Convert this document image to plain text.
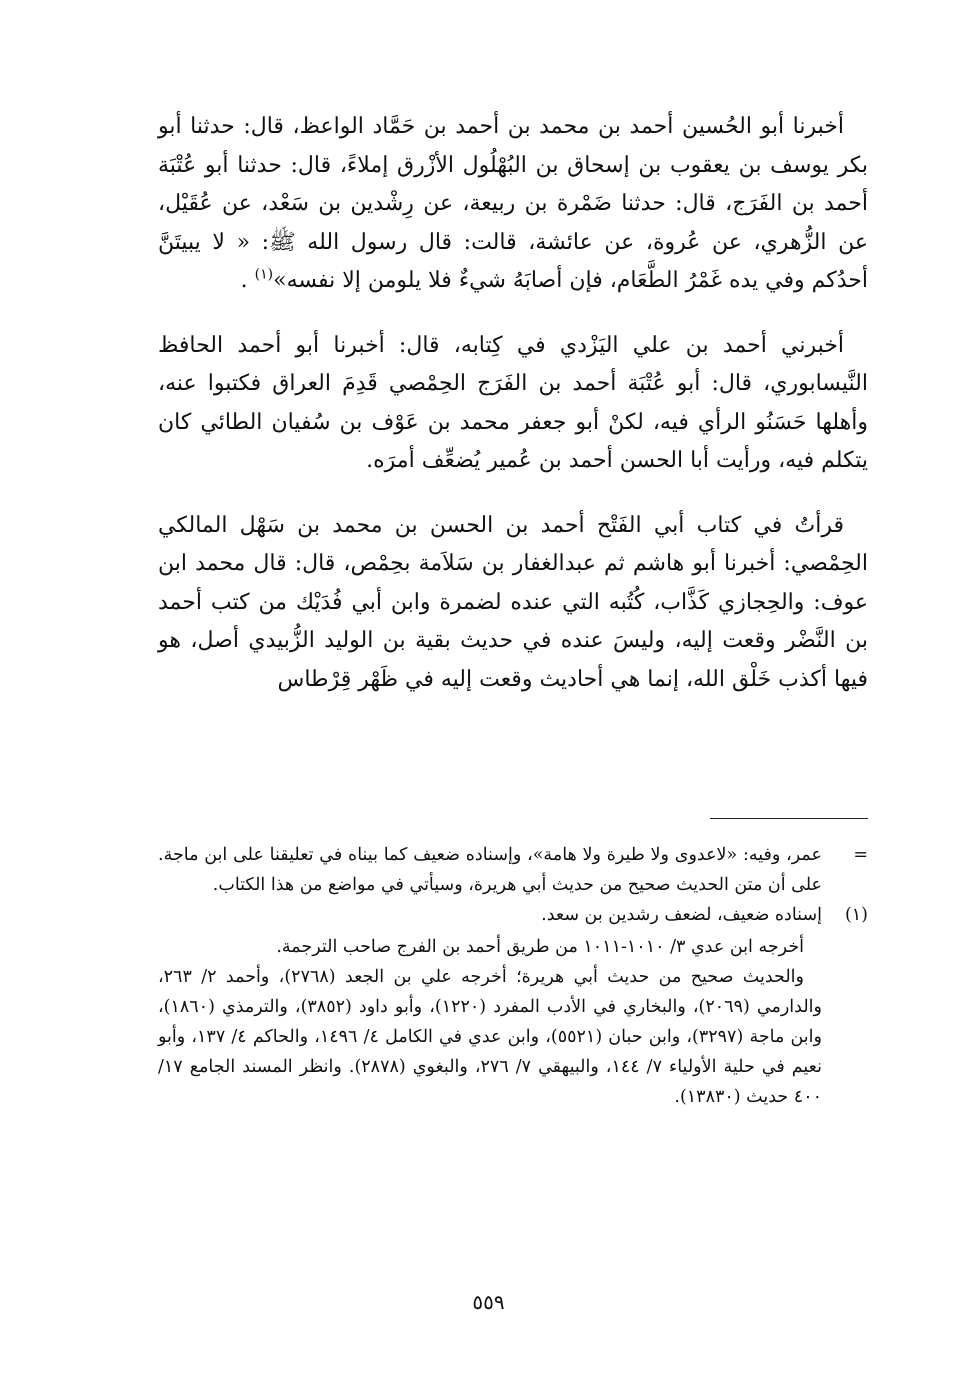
أخبرنا أبو الحُسين أحمد بن محمد بن أحمد بن حَمَّاد الواعظ، قال: حدثنا أبو بكر يوسف بن يعقوب بن إسحاق بن البُهْلُول الأزْرق إملاءً، قال: حدثنا أبو عُتْبَة أحمد بن الفَرَج، قال: حدثنا ضَمْرة بن ربيعة، عن رِشْدين بن سَعْد، عن عُقَيْل، عن الزُّهري، عن عُروة، عن عائشة، قالت: قال رسول الله ﷺ: « لا يبيتَنَّ أحدُكم وفي يده غَمْرُ الطَّعَام، فإن أصابَهُ شيءٌ فلا يلومن إلا نفسه»$^{(١)}$ .

أخبرني أحمد بن علي اليَزْدي في كِتابه، قال: أخبرنا أبو أحمد الحافظ النَّيسابوري، قال: أبو عُتْبَة أحمد بن الفَرَج الحِمْصي قَدِمَ العراق فكتبوا عنه، وأهلها حَسَنُو الرأي فيه، لكنْ أبو جعفر محمد بن عَوْف بن سُفيان الطائي كان يتكلم فيه، ورأيت أبا الحسن أحمد بن عُمير يُضعِّف أمرَه.

قرأتُ في كتاب أبي الفَتْح أحمد بن الحسن بن محمد بن سَهْل المالكي الحِمْصي: أخبرنا أبو هاشم ثم عبدالغفار بن سَلاَمة بحِمْص، قال: قال محمد ابن عوف: والحِجازي كَذَّاب، كُتُبه التي عنده لضمرة وابن أبي فُدَيْك من كتب أحمد بن النَّضْر وقعت إليه، وليسَ عنده في حديث بقية بن الوليد الزُّبيدي أصل، هو فيها أكذب خَلْق الله، إنما هي أحاديث وقعت إليه في ظَهْر قِرْطاس

=
عمر، وفيه: «لاعدوى ولا طيرة ولا هامة»، وإسناده ضعيف كما بيناه في تعليقنا على ابن ماجة. على أن متن الحديث صحيح من حديث أبي هريرة، وسيأتي في مواضع من هذا الكتاب.
(١)
إسناده ضعيف، لضعف رشدين بن سعد.

أخرجه ابن عدي ٣/ ١٠١٠-١٠١١ من طريق أحمد بن الفرج صاحب الترجمة.

والحديث صحيح من حديث أبي هريرة؛ أخرجه علي بن الجعد (٢٧٦٨)، وأحمد ٢/ ٢٦٣، والدارمي (٢٠٦٩)، والبخاري في الأدب المفرد (١٢٢٠)، وأبو داود (٣٨٥٢)، والترمذي (١٨٦٠)، وابن ماجة (٣٢٩٧)، وابن حبان (٥٥٢١)، وابن عدي في الكامل ٤/ ١٤٩٦، والحاكم ٤/ ١٣٧، وأبو نعيم في حلية الأولياء ٧/ ١٤٤، والبيهقي ٧/ ٢٧٦، والبغوي (٢٨٧٨). وانظر المسند الجامع ١٧/ ٤٠٠ حديث (١٣٨٣٠).

٥٥٩
